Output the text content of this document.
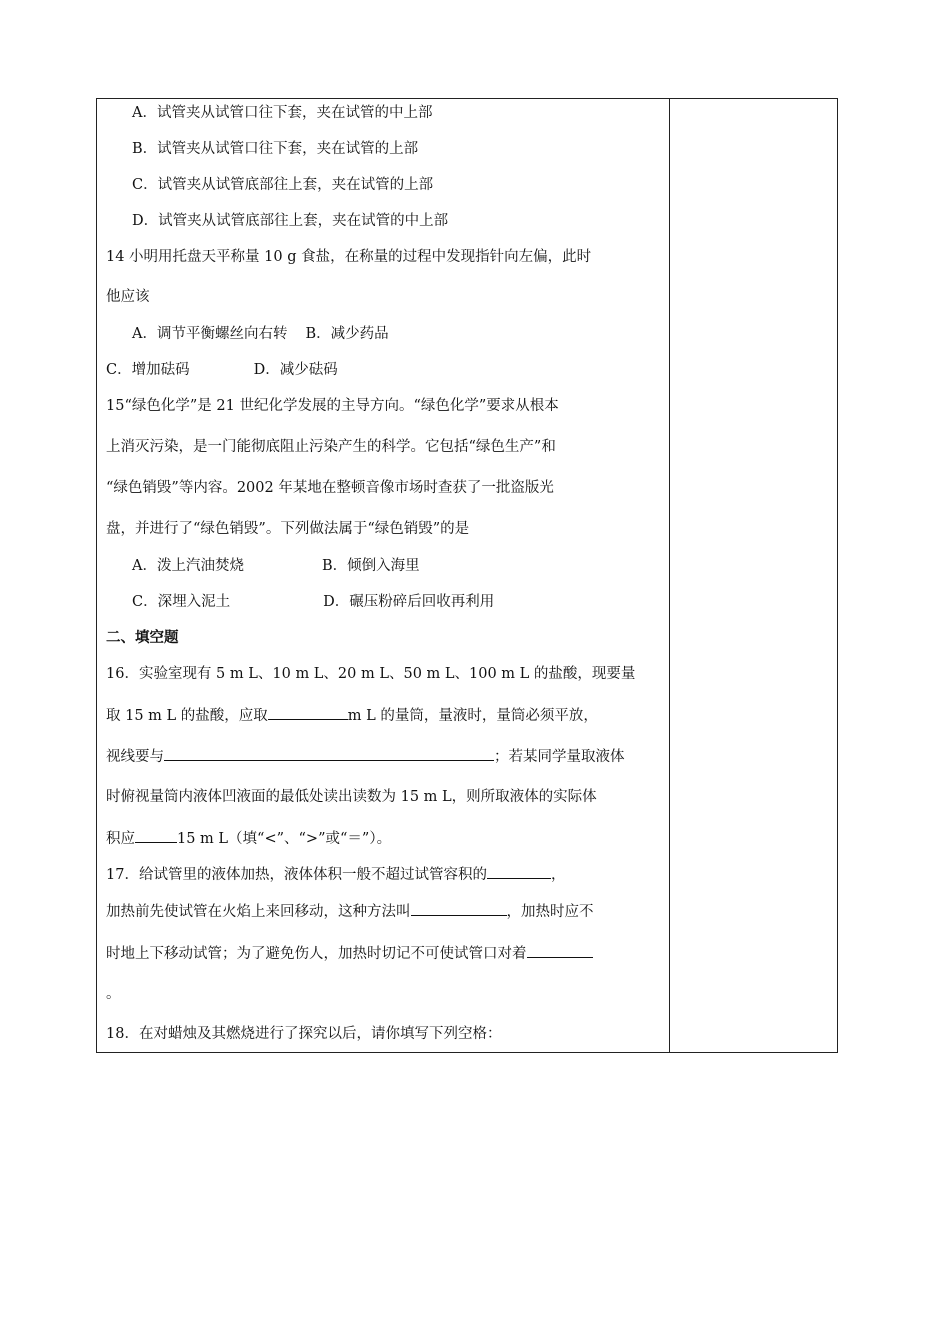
A．试管夹从试管口往下套，夹在试管的中上部
B．试管夹从试管口往下套，夹在试管的上部
C．试管夹从试管底部往上套，夹在试管的上部
D．试管夹从试管底部往上套，夹在试管的中上部
14 小明用托盘天平称量 10 g 食盐，在称量的过程中发现指针向左偏，此时
他应该
A．调节平衡螺丝向右转 B．减少药品
C．增加砝码	D．减少砝码
15“绿色化学”是 21 世纪化学发展的主导方向。“绿色化学”要求从根本
上消灭污染，是一门能彻底阻止污染产生的科学。它包括“绿色生产”和
“绿色销毁”等内容。2002 年某地在整顿音像市场时查获了一批盗版光
盘，并进行了“绿色销毁”。下列做法属于“绿色销毁”的是
A．泼上汽油焚烧	B．倾倒入海里
C．深埋入泥土	D．碾压粉碎后回收再利用
二、填空题
16．实验室现有 5 m L、10 m L、20 m L、50 m L、100 m L 的盐酸，现要量
取 15 m L 的盐酸，应取	m L 的量筒，量液时，量筒必须平放，
视线要与	；若某同学量取液体
时俯视量筒内液体凹液面的最低处读出读数为 15 m L，则所取液体的实际体
积应	15 m L（填“<”、“>”或“＝”）。
17．给试管里的液体加热，液体体积一般不超过试管容积的	，
加热前先使试管在火焰上来回移动，这种方法叫	，加热时应不
时地上下移动试管；为了避免伤人，加热时切记不可使试管口对着
。
18．在对蜡烛及其燃烧进行了探究以后，请你填写下列空格：
